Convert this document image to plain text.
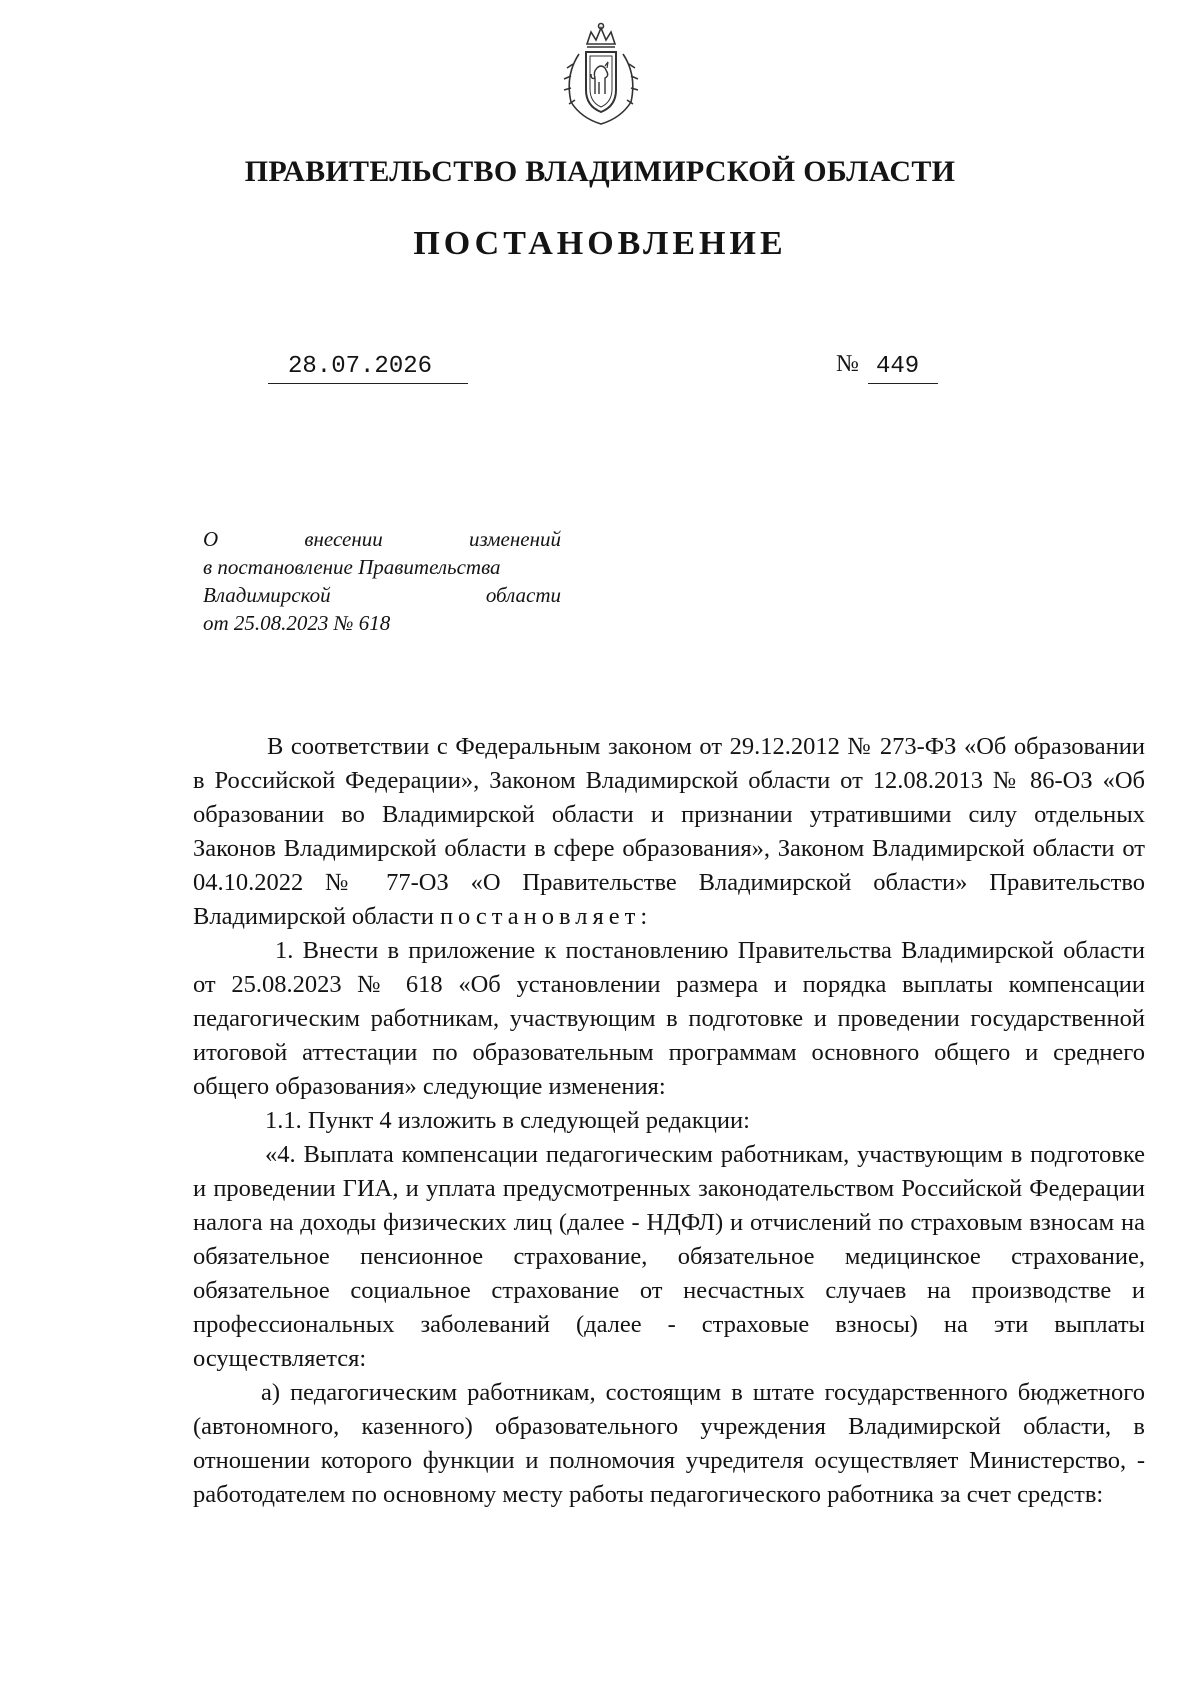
ПРАВИТЕЛЬСТВО ВЛАДИМИРСКОЙ ОБЛАСТИ
ПОСТАНОВЛЕНИЕ
28.07.2026	№ 449
О внесении изменений
в постановление Правительства
Владимирской области
от 25.08.2023 № 618

В соответствии с Федеральным законом от 29.12.2012 № 273-ФЗ «Об образовании в Российской Федерации», Законом Владимирской области от 12.08.2013 № 86-ОЗ «Об образовании во Владимирской области и признании утратившими силу отдельных Законов Владимирской области в сфере образования», Законом Владимирской области от 04.10.2022 № 77-ОЗ «О Правительстве Владимирской области» Правительство Владимирской области постановляет:

1. Внести в приложение к постановлению Правительства Владимирской области от 25.08.2023 № 618 «Об установлении размера и порядка выплаты компенсации педагогическим работникам, участвующим в подготовке и проведении государственной итоговой аттестации по образовательным программам основного общего и среднего общего образования» следующие изменения:

1.1. Пункт 4 изложить в следующей редакции:

«4. Выплата компенсации педагогическим работникам, участвующим в подготовке и проведении ГИА, и уплата предусмотренных законодательством Российской Федерации налога на доходы физических лиц (далее - НДФЛ) и отчислений по страховым взносам на обязательное пенсионное страхование, обязательное медицинское страхование, обязательное социальное страхование от несчастных случаев на производстве и профессиональных заболеваний (далее - страховые взносы) на эти выплаты осуществляется:

а) педагогическим работникам, состоящим в штате государственного бюджетного (автономного, казенного) образовательного учреждения Владимирской области, в отношении которого функции и полномочия учредителя осуществляет Министерство, - работодателем по основному месту работы педагогического работника за счет средств:
